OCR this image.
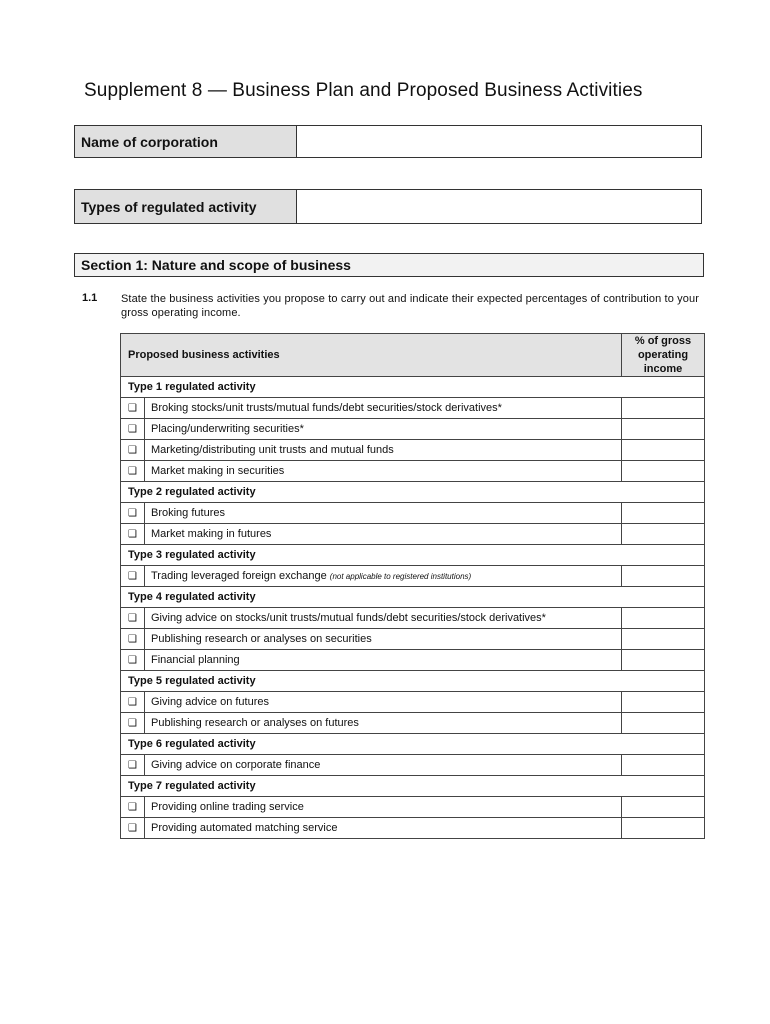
Supplement 8 — Business Plan and Proposed Business Activities
Name of corporation
Types of regulated activity
Section 1: Nature and scope of business
1.1 State the business activities you propose to carry out and indicate their expected percentages of contribution to your gross operating income.
Proposed business activities		% of gross operating income
Type 1 regulated activity		
❑	Broking stocks/unit trusts/mutual funds/debt securities/stock derivatives*	
❑	Placing/underwriting securities*	
❑	Marketing/distributing unit trusts and mutual funds	
❑	Market making in securities	
Type 2 regulated activity		
❑	Broking futures	
❑	Market making in futures	
Type 3 regulated activity		
❑	Trading leveraged foreign exchange (not applicable to registered institutions)	
Type 4 regulated activity		
❑	Giving advice on stocks/unit trusts/mutual funds/debt securities/stock derivatives*	
❑	Publishing research or analyses on securities	
❑	Financial planning	
Type 5 regulated activity		
❑	Giving advice on futures	
❑	Publishing research or analyses on futures	
Type 6 regulated activity		
❑	Giving advice on corporate finance	
Type 7 regulated activity		
❑	Providing online trading service	
❑	Providing automated matching service	
